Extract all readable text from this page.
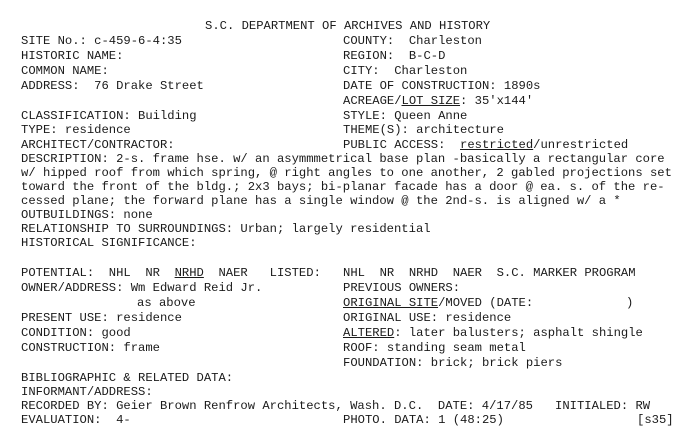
S.C. DEPARTMENT OF ARCHIVES AND HISTORY
SITE No.: c-459-6-4:35	COUNTY:  Charleston
HISTORIC NAME:	REGION:  B-C-D
COMMON NAME:	CITY:  Charleston
ADDRESS:  76 Drake Street	DATE OF CONSTRUCTION: 1890s
ACREAGE/LOT SIZE: 35'x144'
CLASSIFICATION: Building	STYLE: Queen Anne
TYPE: residence	THEME(S): architecture
ARCHITECT/CONTRACTOR:	PUBLIC ACCESS:  restricted/unrestricted
DESCRIPTION: 2-s. frame hse. w/ an asymmmetrical base plan -basically a rectangular core
w/ hipped roof from which spring, @ right angles to one another, 2 gabled projections set
toward the front of the bldg.; 2x3 bays; bi-planar facade has a door @ ea. s. of the re-
cessed plane; the forward plane has a single window @ the 2nd-s. is aligned w/ a *
OUTBUILDINGS: none
RELATIONSHIP TO SURROUNDINGS: Urban; largely residential
HISTORICAL SIGNIFICANCE:
POTENTIAL:  NHL  NR  NRHD  NAER   LISTED: NHL  NR  NRHD  NAER  S.C. MARKER PROGRAM
OWNER/ADDRESS: Wm Edward Reid Jr.	PREVIOUS OWNERS:
as above	ORIGINAL SITE/MOVED (DATE:	)
PRESENT USE: residence	ORIGINAL USE: residence
CONDITION: good	ALTERED: later balusters; asphalt shingle
CONSTRUCTION: frame	ROOF: standing seam metal
FOUNDATION: brick; brick piers
BIBLIOGRAPHIC & RELATED DATA:
INFORMANT/ADDRESS:
RECORDED BY: Geier Brown Renfrow Architects, Wash. D.C.  DATE: 4/17/85 INITIALED: RW
EVALUATION:  4-	PHOTO. DATA: 1 (48:25)	[s35]
